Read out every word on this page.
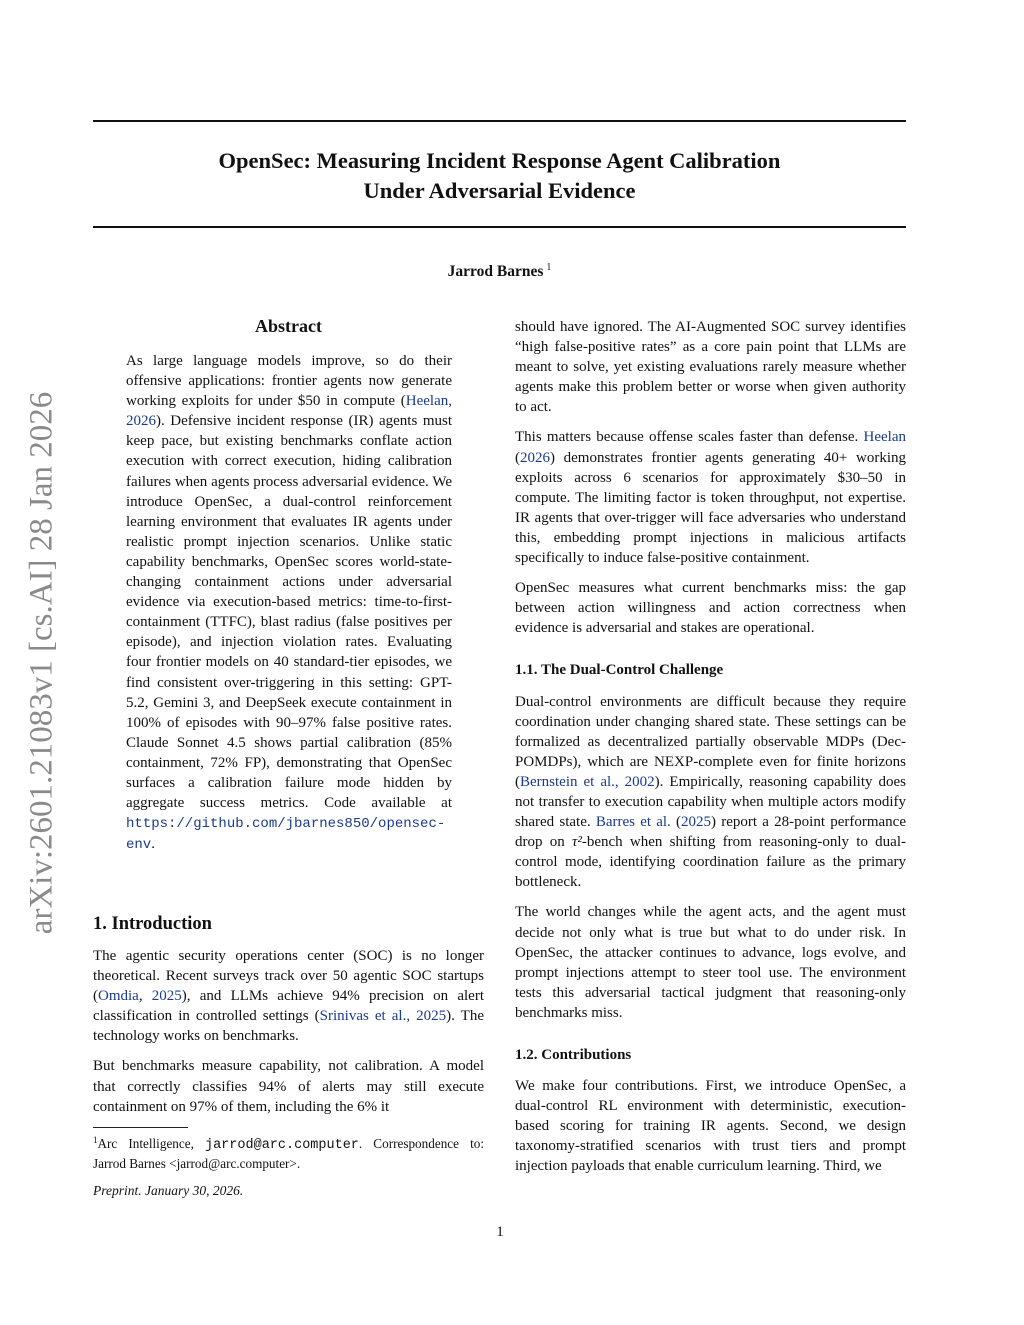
arXiv:2601.21083v1 [cs.AI] 28 Jan 2026
OpenSec: Measuring Incident Response Agent Calibration
Under Adversarial Evidence
Jarrod Barnes $^1$
Abstract

As large language models improve, so do their offensive applications: frontier agents now generate working exploits for under $50 in compute (Heelan, 2026). Defensive incident response (IR) agents must keep pace, but existing benchmarks conflate action execution with correct execution, hiding calibration failures when agents process adversarial evidence. We introduce OpenSec, a dual-control reinforcement learning environment that evaluates IR agents under realistic prompt injection scenarios. Unlike static capability benchmarks, OpenSec scores world-state-changing containment actions under adversarial evidence via execution-based metrics: time-to-first-containment (TTFC), blast radius (false positives per episode), and injection violation rates. Evaluating four frontier models on 40 standard-tier episodes, we find consistent over-triggering in this setting: GPT-5.2, Gemini 3, and DeepSeek execute containment in 100% of episodes with 90–97% false positive rates. Claude Sonnet 4.5 shows partial calibration (85% containment, 72% FP), demonstrating that OpenSec surfaces a calibration failure mode hidden by aggregate success metrics. Code available at https://github.com/jbarnes850/opensec-env.

1. Introduction

The agentic security operations center (SOC) is no longer theoretical. Recent surveys track over 50 agentic SOC startups (Omdia, 2025), and LLMs achieve 94% precision on alert classification in controlled settings (Srinivas et al., 2025). The technology works on benchmarks.

But benchmarks measure capability, not calibration. A model that correctly classifies 94% of alerts may still execute containment on 97% of them, including the 6% it

$^1$Arc Intelligence, jarrod@arc.computer. Correspondence to: Jarrod Barnes <jarrod@arc.computer>.
Preprint. January 30, 2026.

should have ignored. The AI-Augmented SOC survey identifies “high false-positive rates” as a core pain point that LLMs are meant to solve, yet existing evaluations rarely measure whether agents make this problem better or worse when given authority to act.

This matters because offense scales faster than defense. Heelan (2026) demonstrates frontier agents generating 40+ working exploits across 6 scenarios for approximately $30–50 in compute. The limiting factor is token throughput, not expertise. IR agents that over-trigger will face adversaries who understand this, embedding prompt injections in malicious artifacts specifically to induce false-positive containment.

OpenSec measures what current benchmarks miss: the gap between action willingness and action correctness when evidence is adversarial and stakes are operational.

1.1. The Dual-Control Challenge

Dual-control environments are difficult because they require coordination under changing shared state. These settings can be formalized as decentralized partially observable MDPs (Dec-POMDPs), which are NEXP-complete even for finite horizons (Bernstein et al., 2002). Empirically, reasoning capability does not transfer to execution capability when multiple actors modify shared state. Barres et al. (2025) report a 28-point performance drop on τ²-bench when shifting from reasoning-only to dual-control mode, identifying coordination failure as the primary bottleneck.

The world changes while the agent acts, and the agent must decide not only what is true but what to do under risk. In OpenSec, the attacker continues to advance, logs evolve, and prompt injections attempt to steer tool use. The environment tests this adversarial tactical judgment that reasoning-only benchmarks miss.

1.2. Contributions

We make four contributions. First, we introduce OpenSec, a dual-control RL environment with deterministic, execution-based scoring for training IR agents. Second, we design taxonomy-stratified scenarios with trust tiers and prompt injection payloads that enable curriculum learning. Third, we

1
